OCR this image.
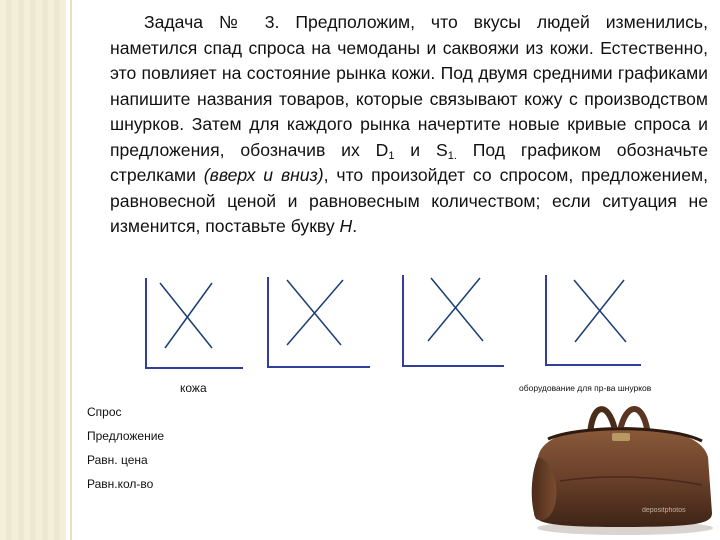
Задача № 3. Предположим, что вкусы людей изменились, наметился спад спроса на чемоданы и саквояжи из кожи. Естественно, это повлияет на состояние рынка кожи. Под двумя средними графиками напишите названия товаров, которые связывают кожу с производством шнурков. Затем для каждого рынка начертите новые кривые спроса и предложения, обозначив их $D_1$ и $S_{1.}$ Под графиком обозначьте стрелками (вверх и вниз), что произойдет со спросом, предложением, равновесной ценой и равновесным количеством; если ситуация не изменится, поставьте букву Н.

кожа	оборудование для пр-ва шнурков
Спрос
Предложение
Равн. цена
Равн.кол-во
depositphotos
